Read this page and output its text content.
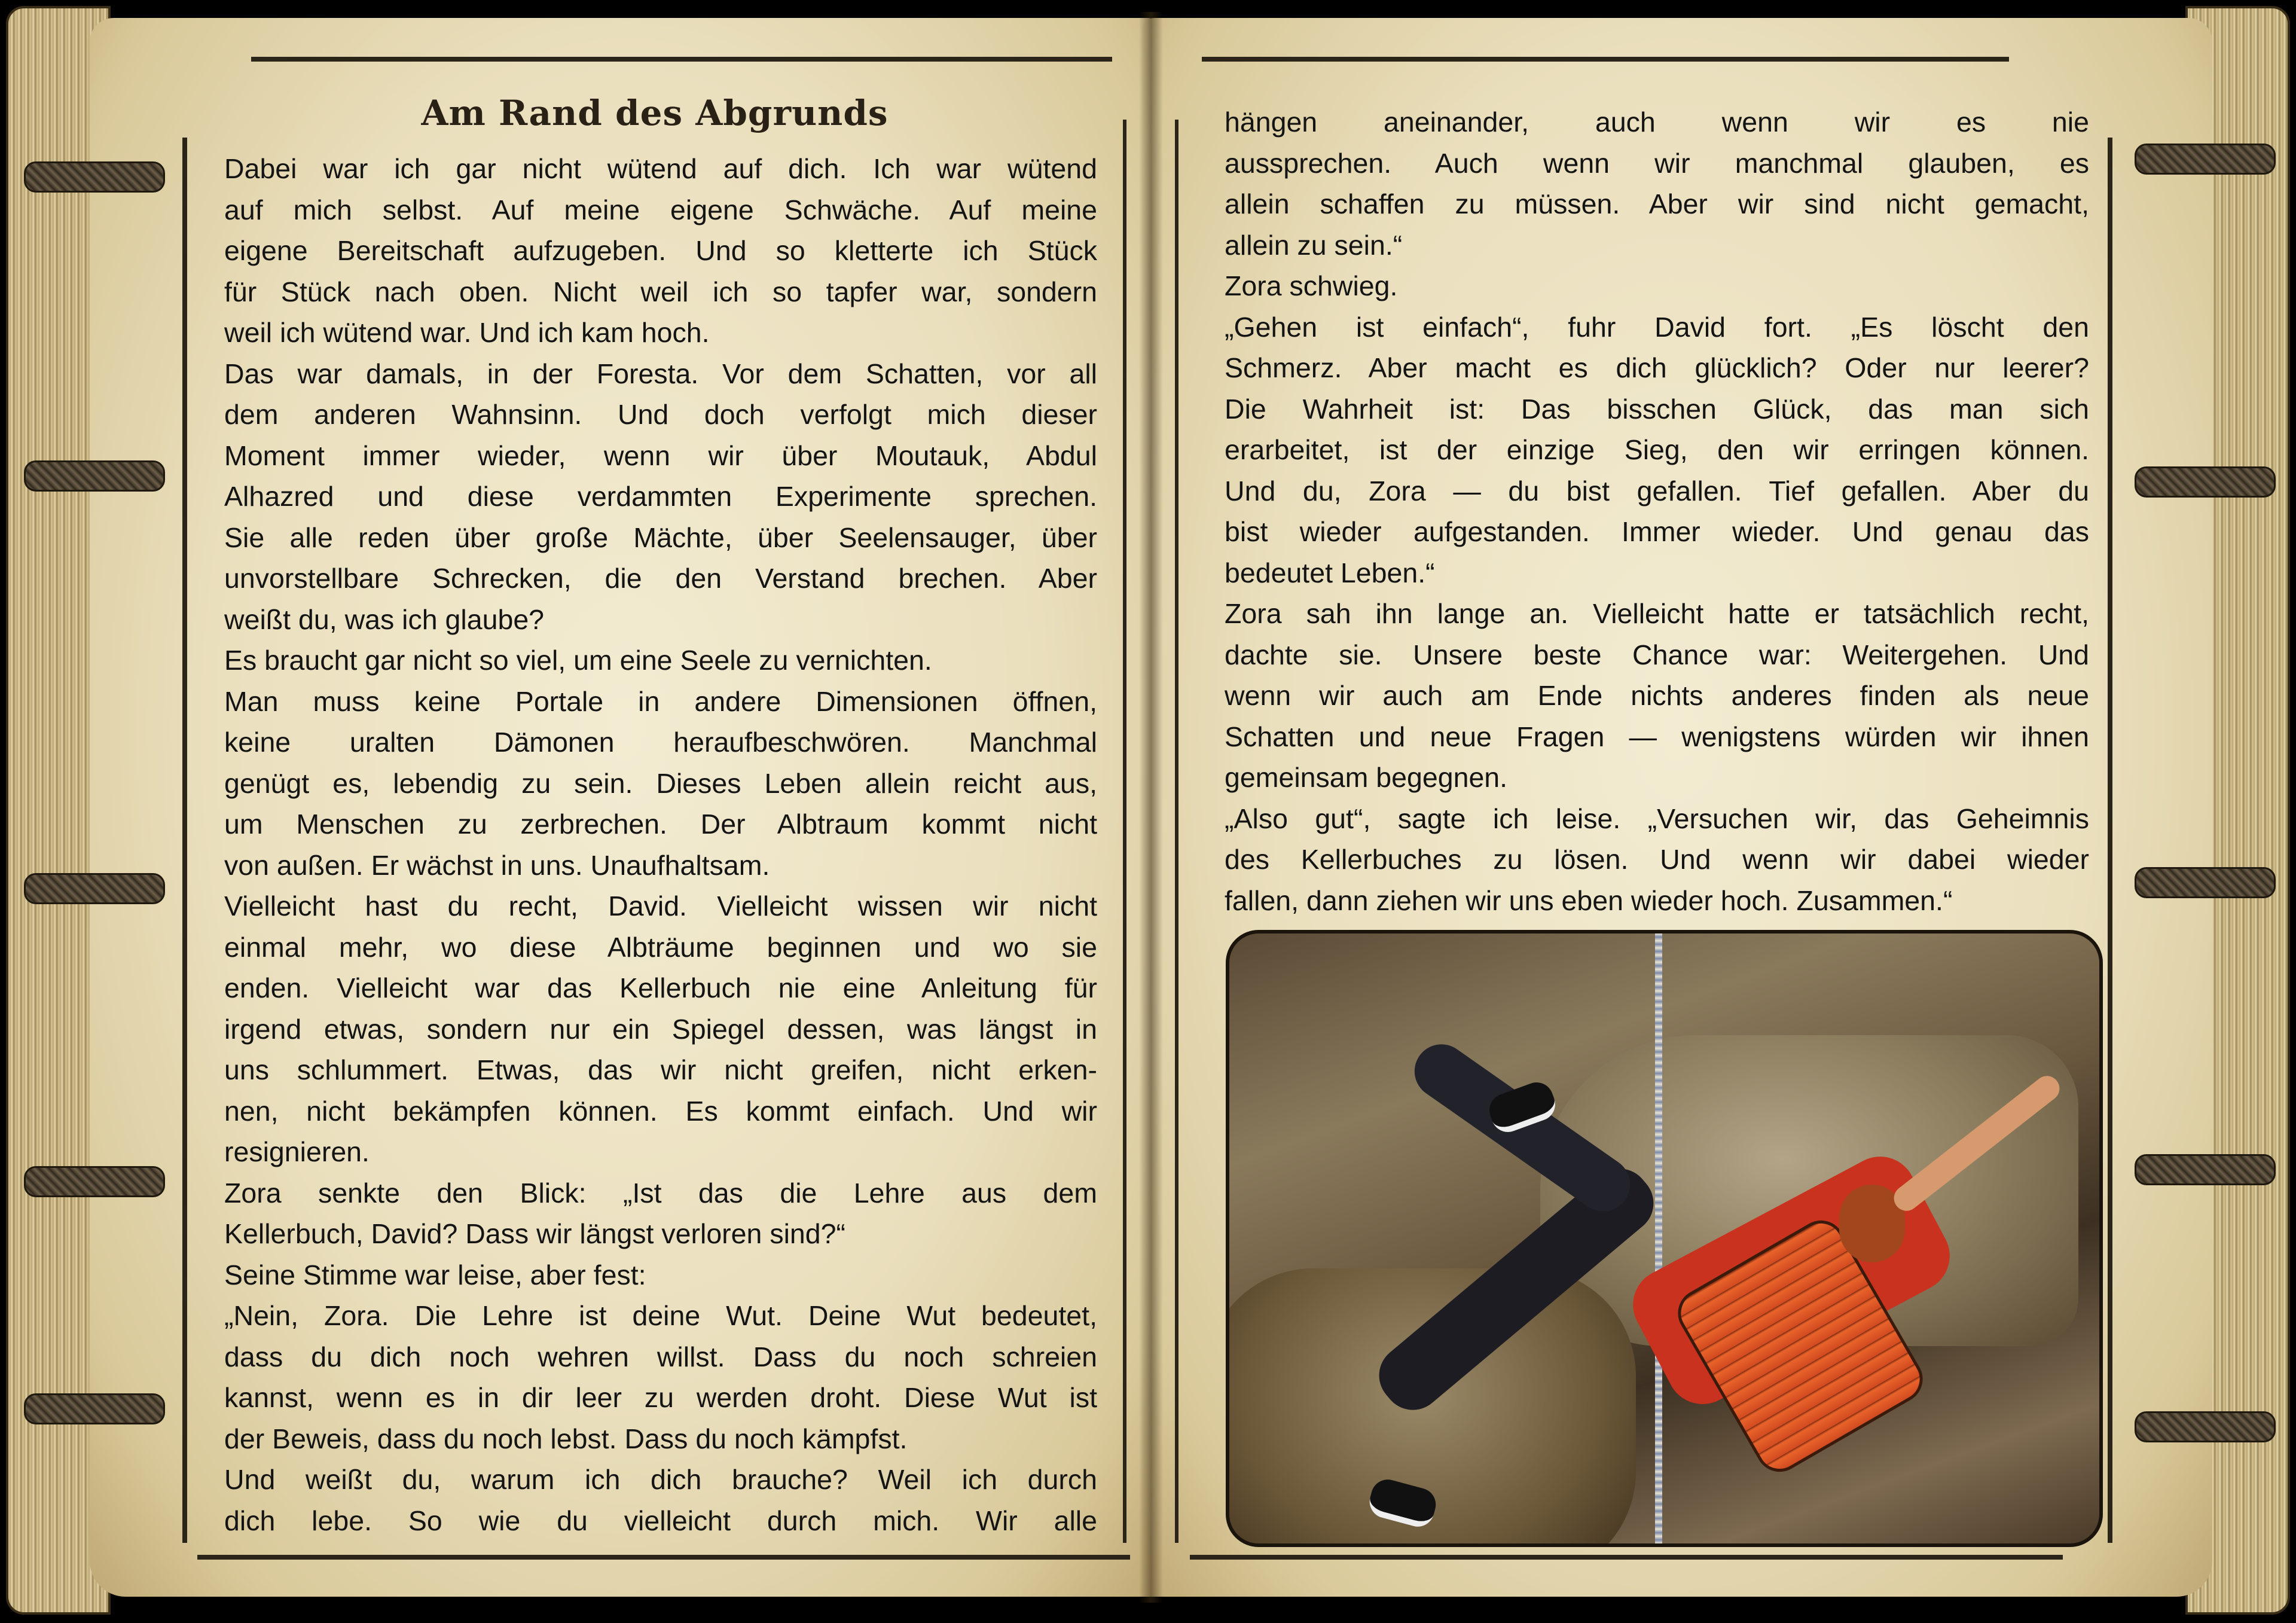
Am Rand des Abgrunds

Dabei war ich gar nicht wütend auf dich. Ich war wütend

auf mich selbst. Auf meine eigene Schwäche. Auf meine

eigene Bereitschaft aufzugeben. Und so kletterte ich Stück

für Stück nach oben. Nicht weil ich so tapfer war, sondern

weil ich wütend war. Und ich kam hoch.

Das war damals, in der Foresta. Vor dem Schatten, vor all

dem anderen Wahnsinn. Und doch verfolgt mich dieser

Moment immer wieder, wenn wir über Moutauk, Abdul

Alhazred und diese verdammten Experimente sprechen.

Sie alle reden über große Mächte, über Seelensauger, über

unvorstellbare Schrecken, die den Verstand brechen. Aber

weißt du, was ich glaube?

Es braucht gar nicht so viel, um eine Seele zu vernichten.

Man muss keine Portale in andere Dimensionen öffnen,

keine uralten Dämonen heraufbeschwören. Manchmal

genügt es, lebendig zu sein. Dieses Leben allein reicht aus,

um Menschen zu zerbrechen. Der Albtraum kommt nicht

von außen. Er wächst in uns. Unaufhaltsam.

Vielleicht hast du recht, David. Vielleicht wissen wir nicht

einmal mehr, wo diese Albträume beginnen und wo sie

enden. Vielleicht war das Kellerbuch nie eine Anleitung für

irgend etwas, sondern nur ein Spiegel dessen, was längst in

uns schlummert. Etwas, das wir nicht greifen, nicht erken-

nen, nicht bekämpfen können. Es kommt einfach. Und wir

resignieren.

Zora senkte den Blick: „Ist das die Lehre aus dem

Kellerbuch, David? Dass wir längst verloren sind?“

Seine Stimme war leise, aber fest:

„Nein, Zora. Die Lehre ist deine Wut. Deine Wut bedeutet,

dass du dich noch wehren willst. Dass du noch schreien

kannst, wenn es in dir leer zu werden droht. Diese Wut ist

der Beweis, dass du noch lebst. Dass du noch kämpfst.

Und weißt du, warum ich dich brauche? Weil ich durch

dich lebe. So wie du vielleicht durch mich. Wir alle

hängen aneinander, auch wenn wir es nie

aussprechen. Auch wenn wir manchmal glauben, es

allein schaffen zu müssen. Aber wir sind nicht gemacht,

allein zu sein.“

Zora schwieg.

„Gehen ist einfach“, fuhr David fort. „Es löscht den

Schmerz. Aber macht es dich glücklich? Oder nur leerer?

Die Wahrheit ist: Das bisschen Glück, das man sich

erarbeitet, ist der einzige Sieg, den wir erringen können.

Und du, Zora — du bist gefallen. Tief gefallen. Aber du

bist wieder aufgestanden. Immer wieder. Und genau das

bedeutet Leben.“

Zora sah ihn lange an. Vielleicht hatte er tatsächlich recht,

dachte sie. Unsere beste Chance war: Weitergehen. Und

wenn wir auch am Ende nichts anderes finden als neue

Schatten und neue Fragen — wenigstens würden wir ihnen

gemeinsam begegnen.

„Also gut“, sagte ich leise. „Versuchen wir, das Geheimnis

des Kellerbuches zu lösen. Und wenn wir dabei wieder

fallen, dann ziehen wir uns eben wieder hoch. Zusammen.“
